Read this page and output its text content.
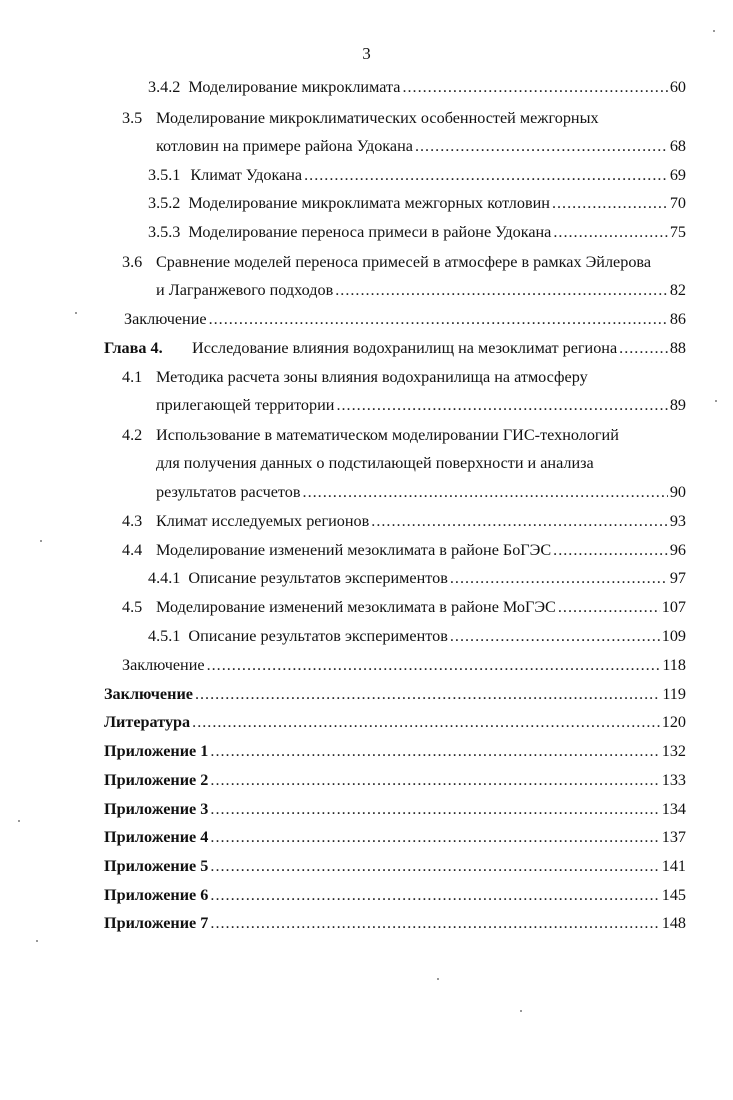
3
3.4.2 Моделирование микроклимата .....	60
3.5 Моделирование микроклиматических особенностей межгорных
котловин на примере района Удокана .....	68
3.5.1 Климат Удокана .....	69
3.5.2 Моделирование микроклимата межгорных котловин .....	70
3.5.3 Моделирование переноса примеси в районе Удокана .....	75
3.6 Сравнение моделей переноса примесей в атмосфере в рамках Эйлерова
и Лагранжевого подходов .....	82
Заключение .....	86
Глава 4.	Исследование влияния водохранилищ на мезоклимат региона .....	88
4.1 Методика расчета зоны влияния водохранилища на атмосферу
прилегающей территории .....	89
4.2 Использование в математическом моделировании ГИС-технологий
для получения данных о подстилающей поверхности и анализа
результатов расчетов .....	90
4.3 Климат исследуемых регионов .....	93
4.4 Моделирование изменений мезоклимата в районе БоГЭС .....	96
4.4.1 Описание результатов экспериментов .....	97
4.5 Моделирование изменений мезоклимата в районе МоГЭС .....	107
4.5.1 Описание результатов экспериментов .....	109
Заключение .....	118
Заключение .....	119
Литература .....	120
Приложение 1 .....	132
Приложение 2 .....	133
Приложение 3 .....	134
Приложение 4 .....	137
Приложение 5 .....	141
Приложение 6 .....	145
Приложение 7 .....	148
